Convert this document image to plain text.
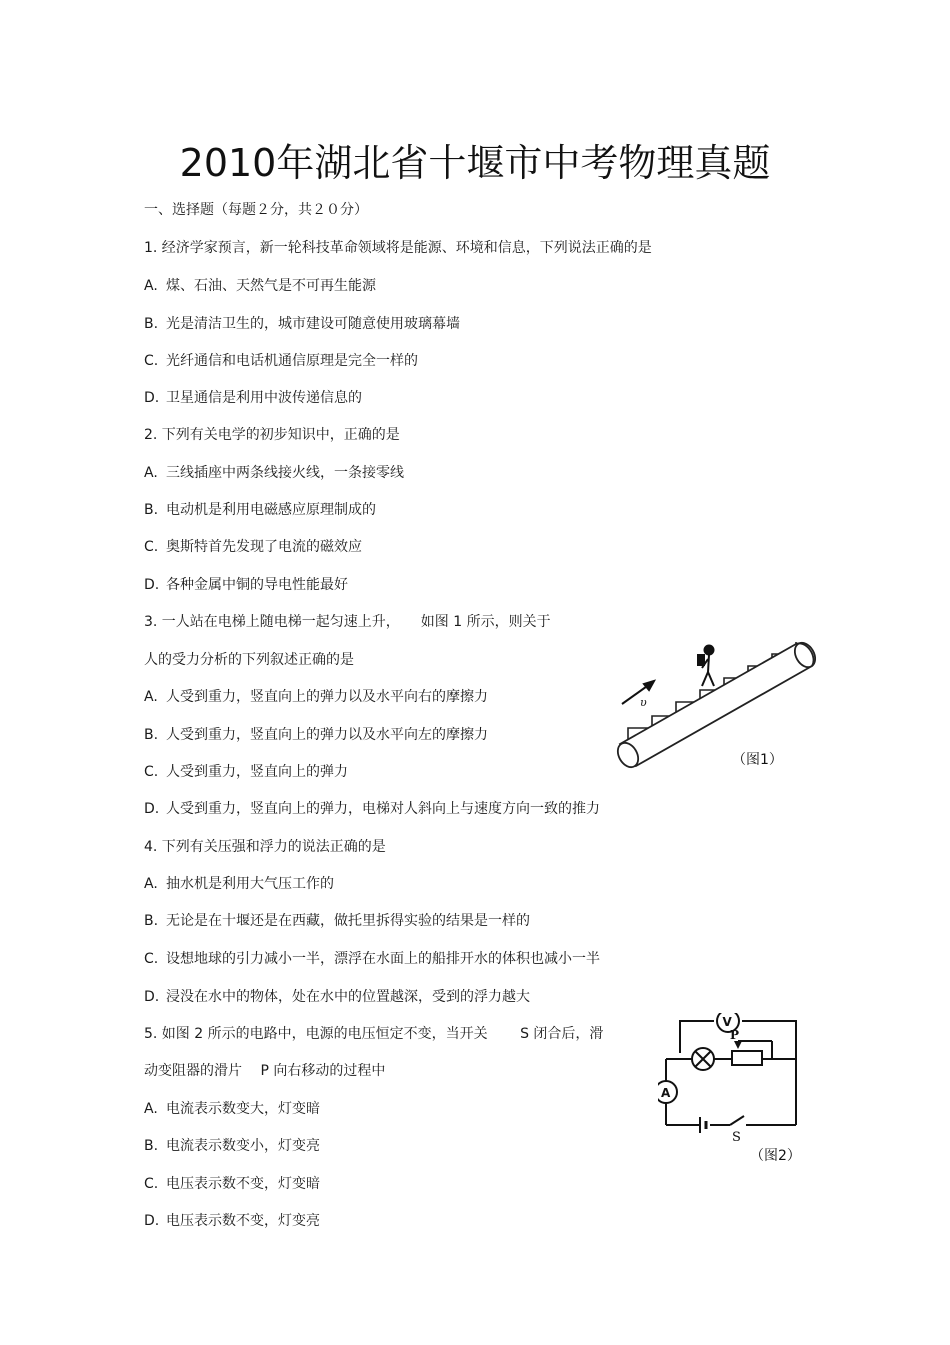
2010年湖北省十堰市中考物理真题
一、选择题（每题２分，共２０分）
1. 经济学家预言，新一轮科技革命领域将是能源、环境和信息，下列说法正确的是
A. 煤、石油、天然气是不可再生能源
B. 光是清洁卫生的，城市建设可随意使用玻璃幕墙
C. 光纤通信和电话机通信原理是完全一样的
D. 卫星通信是利用中波传递信息的
2. 下列有关电学的初步知识中，正确的是
A. 三线插座中两条线接火线，一条接零线
B. 电动机是利用电磁感应原理制成的
C. 奥斯特首先发现了电流的磁效应
D. 各种金属中铜的导电性能最好
3. 一人站在电梯上随电梯一起匀速上升，　　如图 1 所示，则关于
人的受力分析的下列叙述正确的是
A. 人受到重力，竖直向上的弹力以及水平向右的摩擦力
B. 人受到重力，竖直向上的弹力以及水平向左的摩擦力
C. 人受到重力，竖直向上的弹力
D. 人受到重力，竖直向上的弹力，电梯对人斜向上与速度方向一致的推力
υ
（图1）
4. 下列有关压强和浮力的说法正确的是
A. 抽水机是利用大气压工作的
B. 无论是在十堰还是在西藏，做托里拆得实验的结果是一样的
C. 设想地球的引力减小一半，漂浮在水面上的船排开水的体积也减小一半
D. 浸没在水中的物体，处在水中的位置越深，受到的浮力越大
5. 如图 2 所示的电路中，电源的电压恒定不变，当开关　　 S 闭合后，滑
动变阻器的滑片　 P 向右移动的过程中
A. 电流表示数变大，灯变暗
B. 电流表示数变小，灯变亮
C. 电压表示数不变，灯变暗
D. 电压表示数不变，灯变亮
V
A
P
S
（图2）
